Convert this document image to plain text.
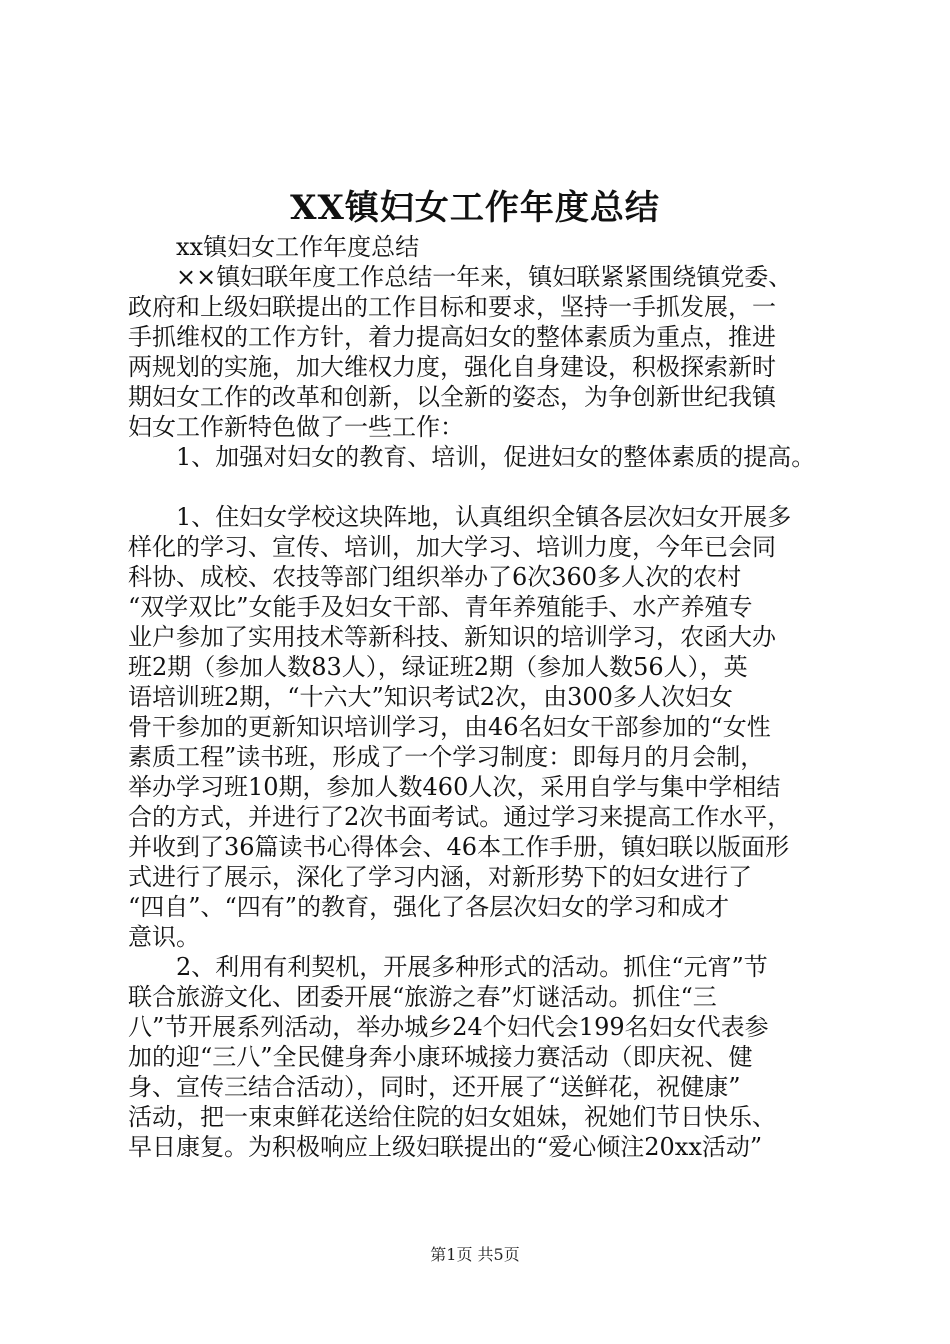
XX镇妇女工作年度总结
xx镇妇女工作年度总结
××镇妇联年度工作总结一年来，镇妇联紧紧围绕镇党委、
政府和上级妇联提出的工作目标和要求，坚持一手抓发展，一
手抓维权的工作方针，着力提高妇女的整体素质为重点，推进
两规划的实施，加大维权力度，强化自身建设，积极探索新时
期妇女工作的改革和创新，以全新的姿态，为争创新世纪我镇
妇女工作新特色做了一些工作：
1、加强对妇女的教育、培训，促进妇女的整体素质的提高。
1、住妇女学校这块阵地，认真组织全镇各层次妇女开展多
样化的学习、宣传、培训，加大学习、培训力度，今年已会同
科协、成校、农技等部门组织举办了6次360多人次的农村
“双学双比”女能手及妇女干部、青年养殖能手、水产养殖专
业户参加了实用技术等新科技、新知识的培训学习，农函大办
班2期（参加人数83人），绿证班2期（参加人数56人），英
语培训班2期，“十六大”知识考试2次，由300多人次妇女
骨干参加的更新知识培训学习，由46名妇女干部参加的“女性
素质工程”读书班，形成了一个学习制度：即每月的月会制，
举办学习班10期，参加人数460人次，采用自学与集中学相结
合的方式，并进行了2次书面考试。通过学习来提高工作水平，
并收到了36篇读书心得体会、46本工作手册，镇妇联以版面形
式进行了展示，深化了学习内涵，对新形势下的妇女进行了
“四自”、“四有”的教育，强化了各层次妇女的学习和成才
意识。
2、利用有利契机，开展多种形式的活动。抓住“元宵”节
联合旅游文化、团委开展“旅游之春”灯谜活动。抓住“三
八”节开展系列活动，举办城乡24个妇代会199名妇女代表参
加的迎“三八”全民健身奔小康环城接力赛活动（即庆祝、健
身、宣传三结合活动），同时，还开展了“送鲜花，祝健康”
活动，把一束束鲜花送给住院的妇女姐妹，祝她们节日快乐、
早日康复。为积极响应上级妇联提出的“爱心倾注20xx活动”
第1页 共5页
